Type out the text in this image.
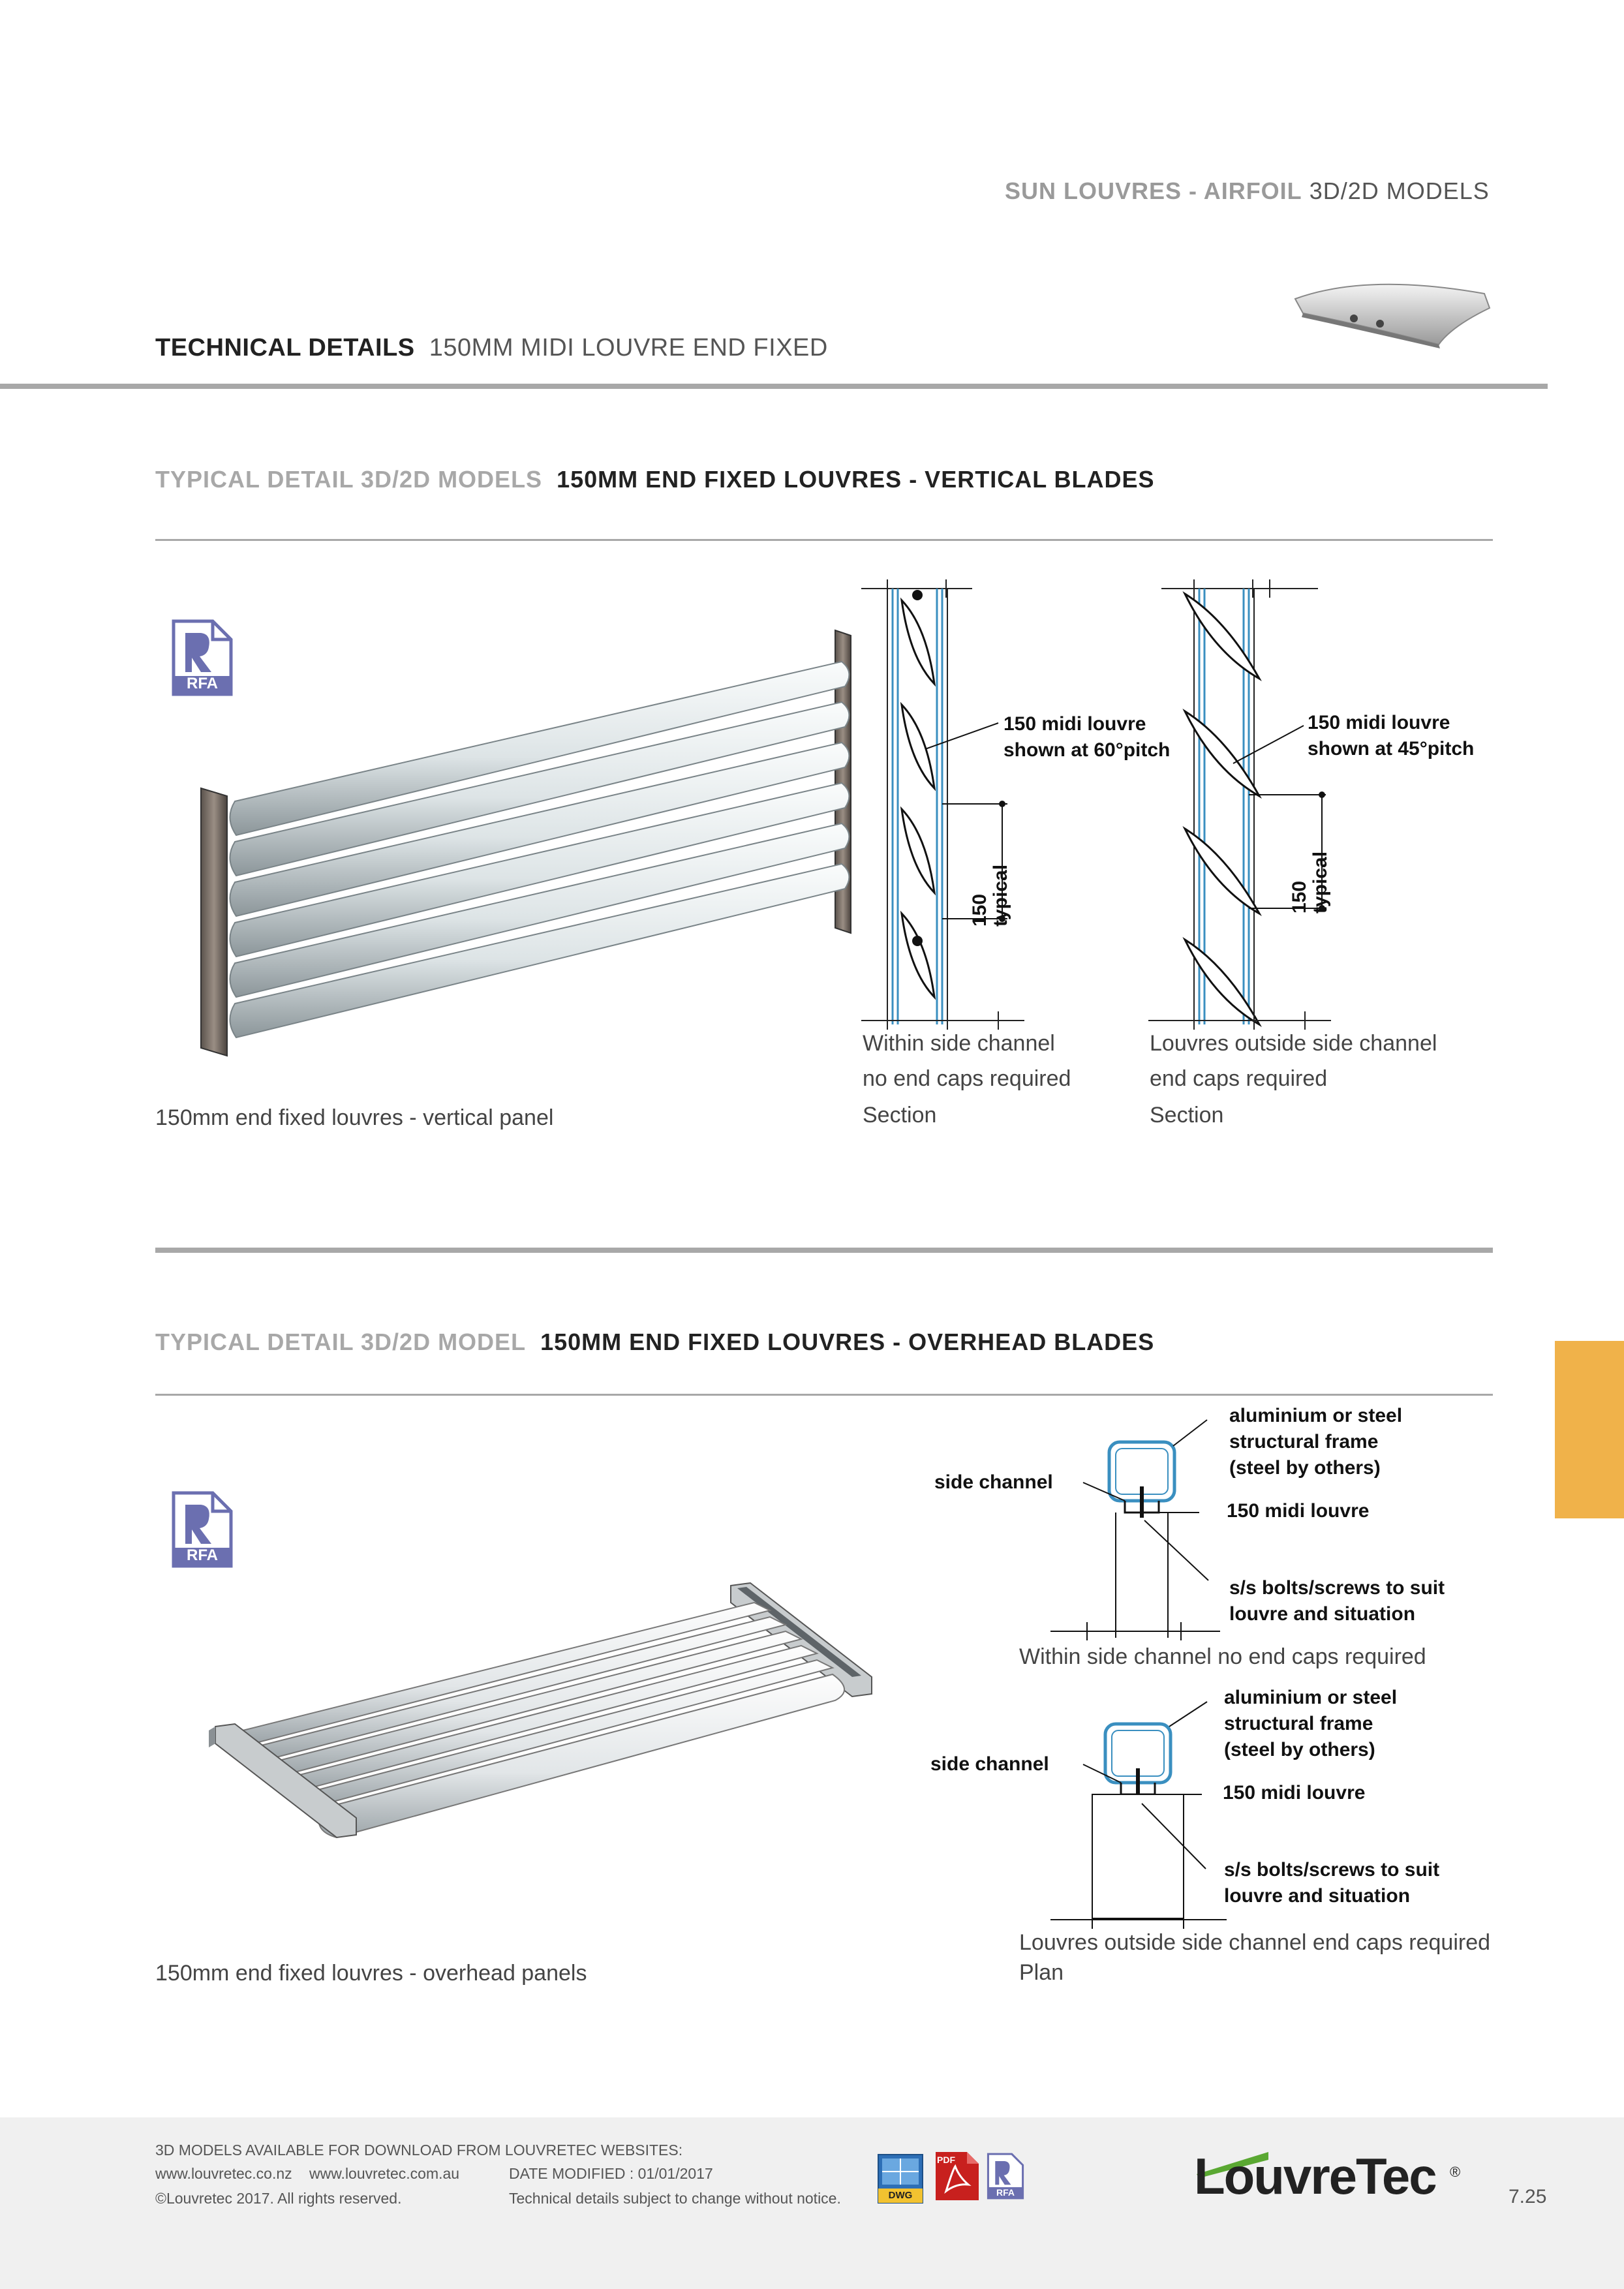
SUN LOUVRES - AIRFOIL 3D/2D MODELS
TECHNICAL DETAILS 150MM MIDI LOUVRE END FIXED
TYPICAL DETAIL 3D/2D MODELS 150MM END FIXED LOUVRES - VERTICAL BLADES
RFA
150mm end fixed louvres - vertical panel
150 midi louvre
shown at 60°pitch
150 typical
Within side channel
no end caps required
Section
150 midi louvre
shown at 45°pitch
150 typical
Louvres outside side channel
end caps required
Section
TYPICAL DETAIL 3D/2D MODEL 150MM END FIXED LOUVRES - OVERHEAD BLADES
RFA
150mm end fixed louvres - overhead panels
aluminium or steel
structural frame
(steel by others)
side channel
150 midi louvre
s/s bolts/screws to suit
louvre and situation
Within side channel no end caps required
aluminium or steel
structural frame
(steel by others)
side channel
150 midi louvre
s/s bolts/screws to suit
louvre and situation
Louvres outside side channel end caps required
Plan
3D MODELS AVAILABLE FOR DOWNLOAD FROM LOUVRETEC WEBSITES:
www.louvretec.co.nz www.louvretec.com.au	DATE MODIFIED : 01/01/2017
©Louvretec 2017. All rights reserved.	Technical details subject to change without notice.	DWG
PDF
RFA	LouvreTec ®
7.25
